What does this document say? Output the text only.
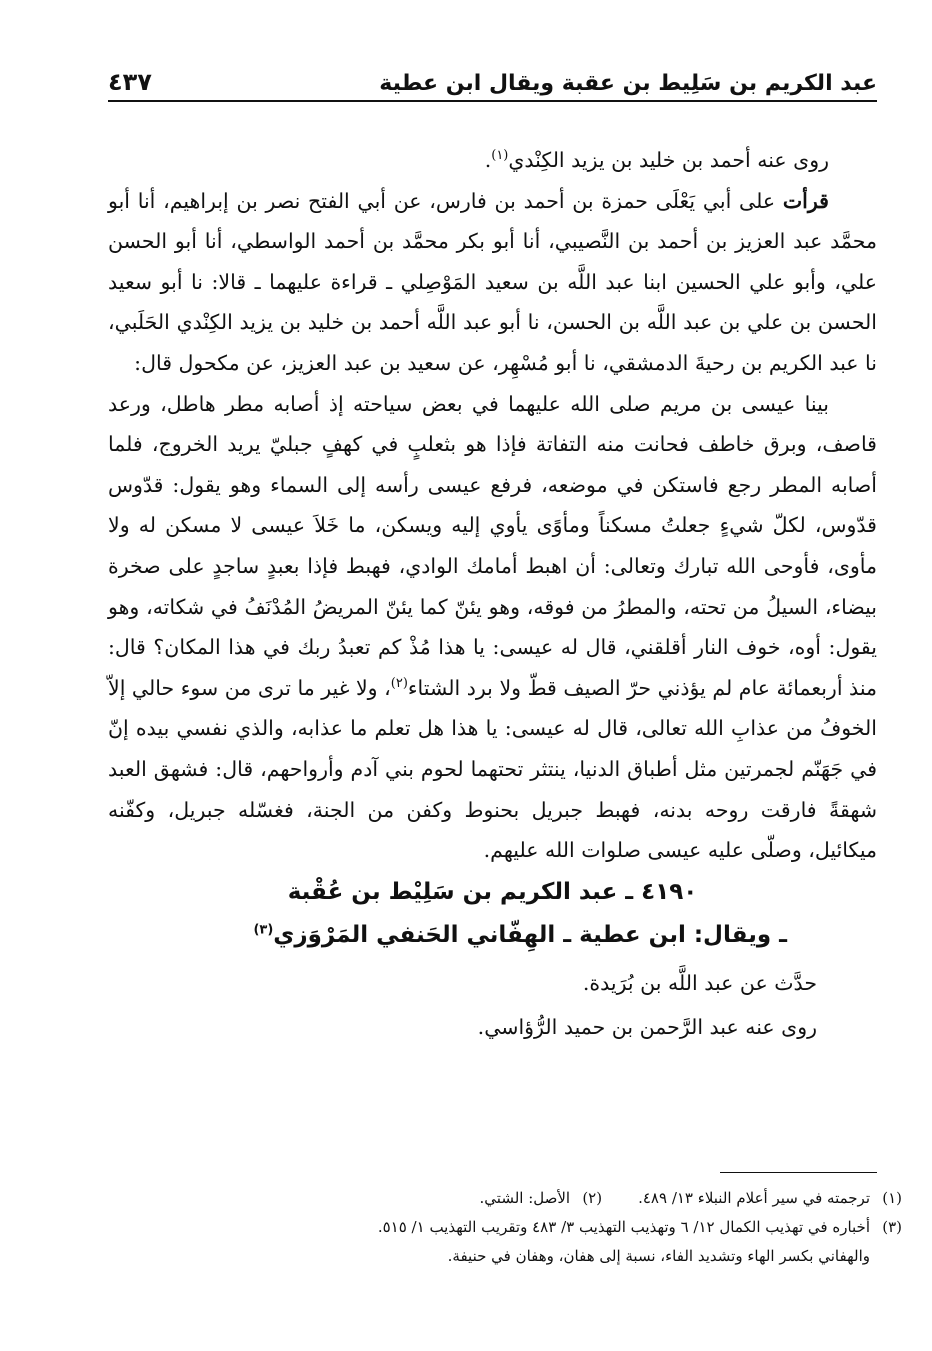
عبد الكريم بن سَلِيط بن عقبة ويقال ابن عطية
٤٣٧

روى عنه أحمد بن خليد بن يزيد الكِنْدي$^{(١)}$.

قرأت على أبي يَعْلَى حمزة بن أحمد بن فارس، عن أبي الفتح نصر بن إبراهيم، أنا أبو محمَّد عبد العزيز بن أحمد بن النَّصيبي، أنا أبو بكر محمَّد بن أحمد الواسطي، أنا أبو الحسن علي، وأبو علي الحسين ابنا عبد اللَّه بن سعيد المَوْصِلي ـ قراءة عليهما ـ قالا: نا أبو سعيد الحسن بن علي بن عبد اللَّه بن الحسن، نا أبو عبد اللَّه أحمد بن خليد بن يزيد الكِنْدي الحَلَبي، نا عبد الكريم بن رحيةَ الدمشقي، نا أبو مُسْهِر، عن سعيد بن عبد العزيز، عن مكحول قال:

بينا عيسى بن مريم صلى الله عليهما في بعض سياحته إذ أصابه مطر هاطل، ورعد قاصف، وبرق خاطف فحانت منه التفاتة فإذا هو بثعلبٍ في كهفٍ جبليّ يريد الخروج، فلما أصابه المطر رجع فاستكن في موضعه، فرفع عيسى رأسه إلى السماء وهو يقول: قدّوس قدّوس، لكلّ شيءٍ جعلتُ مسكناً ومأوًى يأوي إليه ويسكن، ما خَلاَ عيسى لا مسكن له ولا مأوى، فأوحى الله تبارك وتعالى: أن اهبط أمامك الوادي، فهبط فإذا بعبدٍ ساجدٍ على صخرة بيضاء، السيلُ من تحته، والمطرُ من فوقه، وهو يئنّ كما يئنّ المريضُ المُدْنَفُ في شكاته، وهو يقول: أوه، خوف النار أقلقني، قال له عيسى: يا هذا مُذْ كم تعبدُ ربك في هذا المكان؟ قال: منذ أربعمائة عام لم يؤذني حرّ الصيف قطّ ولا برد الشتاء$^{(٢)}$، ولا غير ما ترى من سوء حالي إلاّ الخوفُ من عذابِ الله تعالى، قال له عيسى: يا هذا هل تعلم ما عذابه، والذي نفسي بيده إنّ في جَهَنّم لجمرتين مثل أطباق الدنيا، ينتثر تحتهما لحوم بني آدم وأرواحهم، قال: فشهق العبد شهقةً فارقت روحه بدنه، فهبط جبريل بحنوط وكفن من الجنة، فغسّله جبريل، وكفّنه ميكائيل، وصلّى عليه عيسى صلوات الله عليهم.

٤١٩٠ ـ عبد الكريم بن سَلِيْط بن عُقْبة

ـ ويقال: ابن عطية ـ الهِفّاني الحَنفي المَرْوَزي$^{(٣)}$

حدَّث عن عبد اللَّه بن بُرَيدة.

روى عنه عبد الرَّحمن بن حميد الرُّؤاسي.

(١)
ترجمته في سير أعلام النبلاء ١٣/ ٤٨٩.
(٢)
الأصل: الشتي.
(٣)
أخباره في تهذيب الكمال ١٢/ ٦ وتهذيب التهذيب ٣/ ٤٨٣ وتقريب التهذيب ١/ ٥١٥.
والهفاني بكسر الهاء وتشديد الفاء، نسبة إلى هفان، وهفان في حنيفة.
